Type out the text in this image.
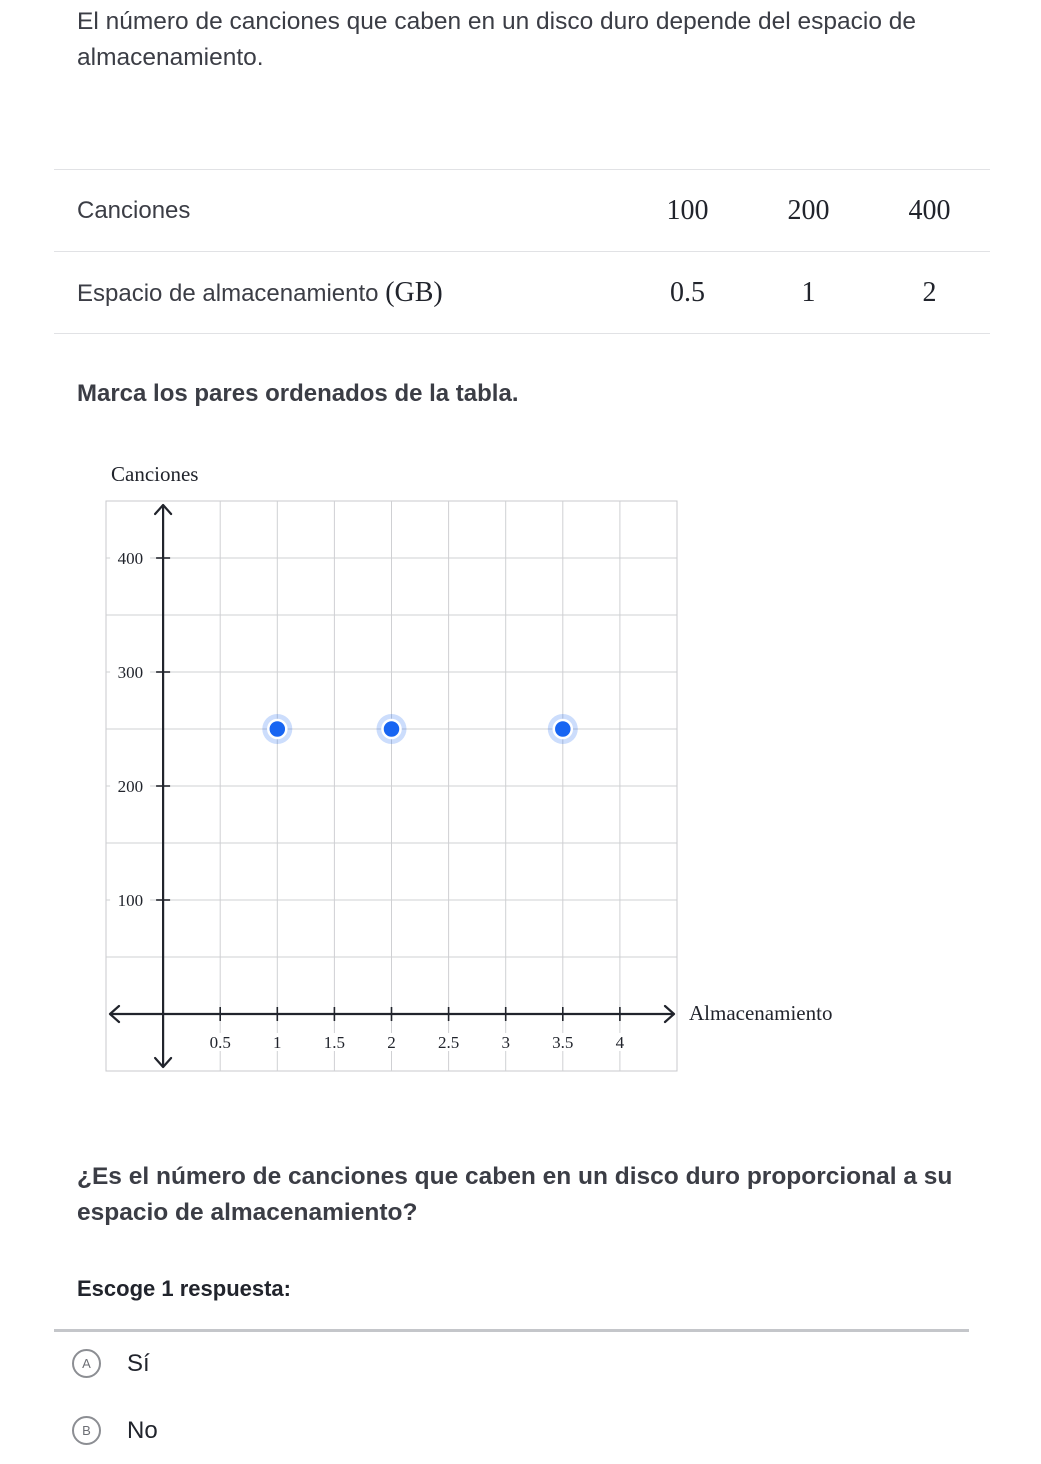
El número de canciones que caben en un disco duro depende del espacio de almacenamiento.
Canciones	100	200	400
Espacio de almacenamiento (GB)	0.5	1	2
Marca los pares ordenados de la tabla.
0.5 1 1.5 2 2.5 3 3.5 4
100
200
300
400
Canciones
Almacenamiento
¿Es el número de canciones que caben en un disco duro proporcional a su espacio de almacenamiento?
Escoge 1 respuesta:
A	Sí
B	No
